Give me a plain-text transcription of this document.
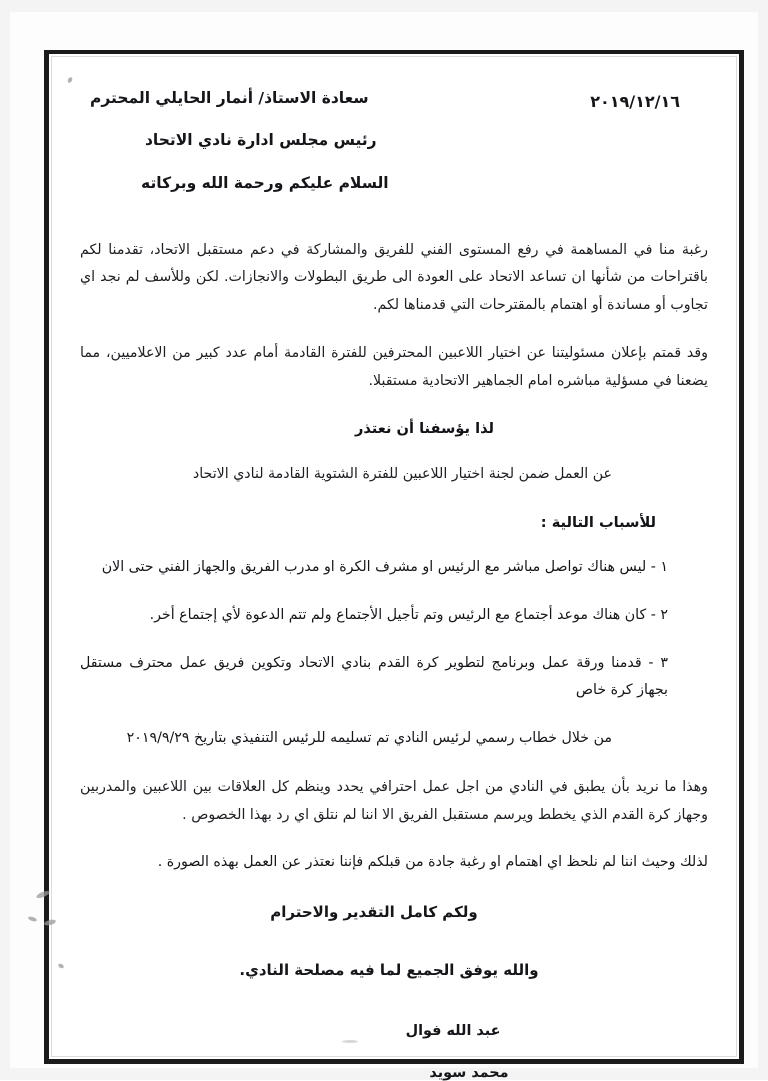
سعادة الاستاذ/ أنمار الحايلي المحترم
رئيس مجلس ادارة نادي الاتحاد
السلام عليكم ورحمة الله وبركاته
٢٠١٩/١٢/١٦

رغبة منا في المساهمة في رفع المستوى الفني للفريق والمشاركة في دعم مستقبل الاتحاد، تقدمنا لكم باقتراحات من شأنها ان تساعد الاتحاد على العودة الى طريق البطولات والانجازات. لكن وللأسف لم نجد اي تجاوب أو مساندة أو اهتمام بالمقترحات التي قدمناها لكم.

وقد قمتم بإعلان مسئوليتنا عن اختيار اللاعبين المحترفين للفترة القادمة أمام عدد كبير من الاعلاميين، مما يضعنا في مسؤلية مباشره امام الجماهير الاتحادية مستقبلا.

لذا يؤسفنا أن نعتذر

عن العمل ضمن لجنة اختيار اللاعبين للفترة الشتوية القادمة لنادي الاتحاد

للأسباب التالية :

١ - ليس هناك تواصل مباشر مع الرئيس او مشرف الكرة او مدرب الفريق والجهاز الفني حتى الان

٢ - كان هناك موعد أجتماع مع الرئيس وتم تأجيل الأجتماع ولم تتم الدعوة لأي إجتماع أخر.

٣ - قدمنا ورقة عمل وبرنامج لتطوير كرة القدم بنادي الاتحاد وتكوين فريق عمل محترف مستقل بجهاز كرة خاص

من خلال خطاب رسمي لرئيس النادي تم تسليمه للرئيس التنفيذي بتاريخ ٢٠١٩/٩/٢٩

وهذا ما نريد بأن يطبق في النادي من اجل عمل احترافي يحدد وينظم كل العلاقات بين اللاعبين والمدربين وجهاز كرة القدم الذي يخطط ويرسم مستقبل الفريق الا اننا لم نتلق اي رد بهذا الخصوص .

لذلك وحيث اننا لم نلحظ اي اهتمام او رغبة جادة من قبلكم فإننا نعتذر عن العمل بهذه الصورة .

ولكم كامل التقدير والاحترام

والله يوفق الجميع لما فيه مصلحة النادي.

عبد الله فوال
محمد سويد
